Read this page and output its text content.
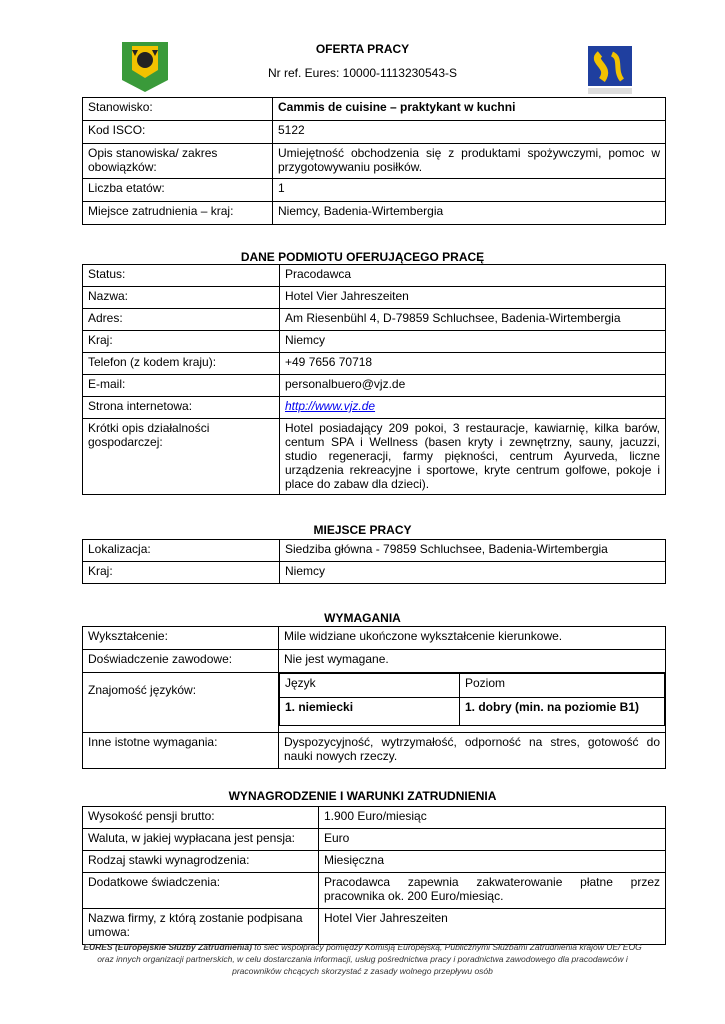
OFERTA PRACY
Nr ref. Eures: 10000-1113230543-S
Stanowisko:	Cammis de cuisine – praktykant w kuchni
Kod ISCO:	5122
Opis stanowiska/ zakres obowiązków:	Umiejętność obchodzenia się z produktami spożywczymi, pomoc w przygotowywaniu posiłków.
Liczba etatów:	1
Miejsce zatrudnienia – kraj:	Niemcy, Badenia-Wirtembergia
DANE PODMIOTU OFERUJĄCEGO PRACĘ
Status:	Pracodawca
Nazwa:	Hotel Vier Jahreszeiten
Adres:	Am Riesenbühl 4, D-79859 Schluchsee, Badenia-Wirtembergia
Kraj:	Niemcy
Telefon (z kodem kraju):	+49 7656 70718
E-mail:	personalbuero@vjz.de
Strona internetowa:	http://www.vjz.de
Krótki opis działalności gospodarczej:	Hotel posiadający 209 pokoi, 3 restauracje, kawiarnię, kilka barów, centum SPA i Wellness (basen kryty i zewnętrzny, sauny, jacuzzi, studio regeneracji, farmy piękności, centrum Ayurveda, liczne urządzenia rekreacyjne i sportowe, kryte centrum golfowe, pokoje i place do zabaw dla dzieci).
MIEJSCE PRACY
Lokalizacja:	Siedziba główna - 79859 Schluchsee, Badenia-Wirtembergia
Kraj:	Niemcy
WYMAGANIA
Wykształcenie:	Mile widziane ukończone wykształcenie kierunkowe.
Doświadczenie zawodowe:	Nie jest wymagane.
Znajomość języków:		Język	Poziom
1. niemiecki	1. dobry (min. na poziomie B1)

Inne istotne wymagania:	Dyspozycyjność, wytrzymałość, odporność na stres, gotowość do nauki nowych rzeczy.
WYNAGRODZENIE I WARUNKI ZATRUDNIENIA
Wysokość pensji brutto:	1.900 Euro/miesiąc
Waluta, w jakiej wypłacana jest pensja:	Euro
Rodzaj stawki wynagrodzenia:	Miesięczna
Dodatkowe świadczenia:	Pracodawca zapewnia zakwaterowanie płatne przez pracownika ok. 200 Euro/miesiąc.
Nazwa firmy, z którą zostanie podpisana umowa:	Hotel Vier Jahreszeiten
EURES (Europejskie Służby Zatrudnienia) to sieć współpracy pomiędzy Komisją Europejską, Publicznymi Służbami Zatrudnienia krajów UE/ EOG
oraz innych organizacji partnerskich, w celu dostarczania informacji, usług pośrednictwa pracy i poradnictwa zawodowego dla pracodawców i
pracowników chcących skorzystać z zasady wolnego przepływu osób
